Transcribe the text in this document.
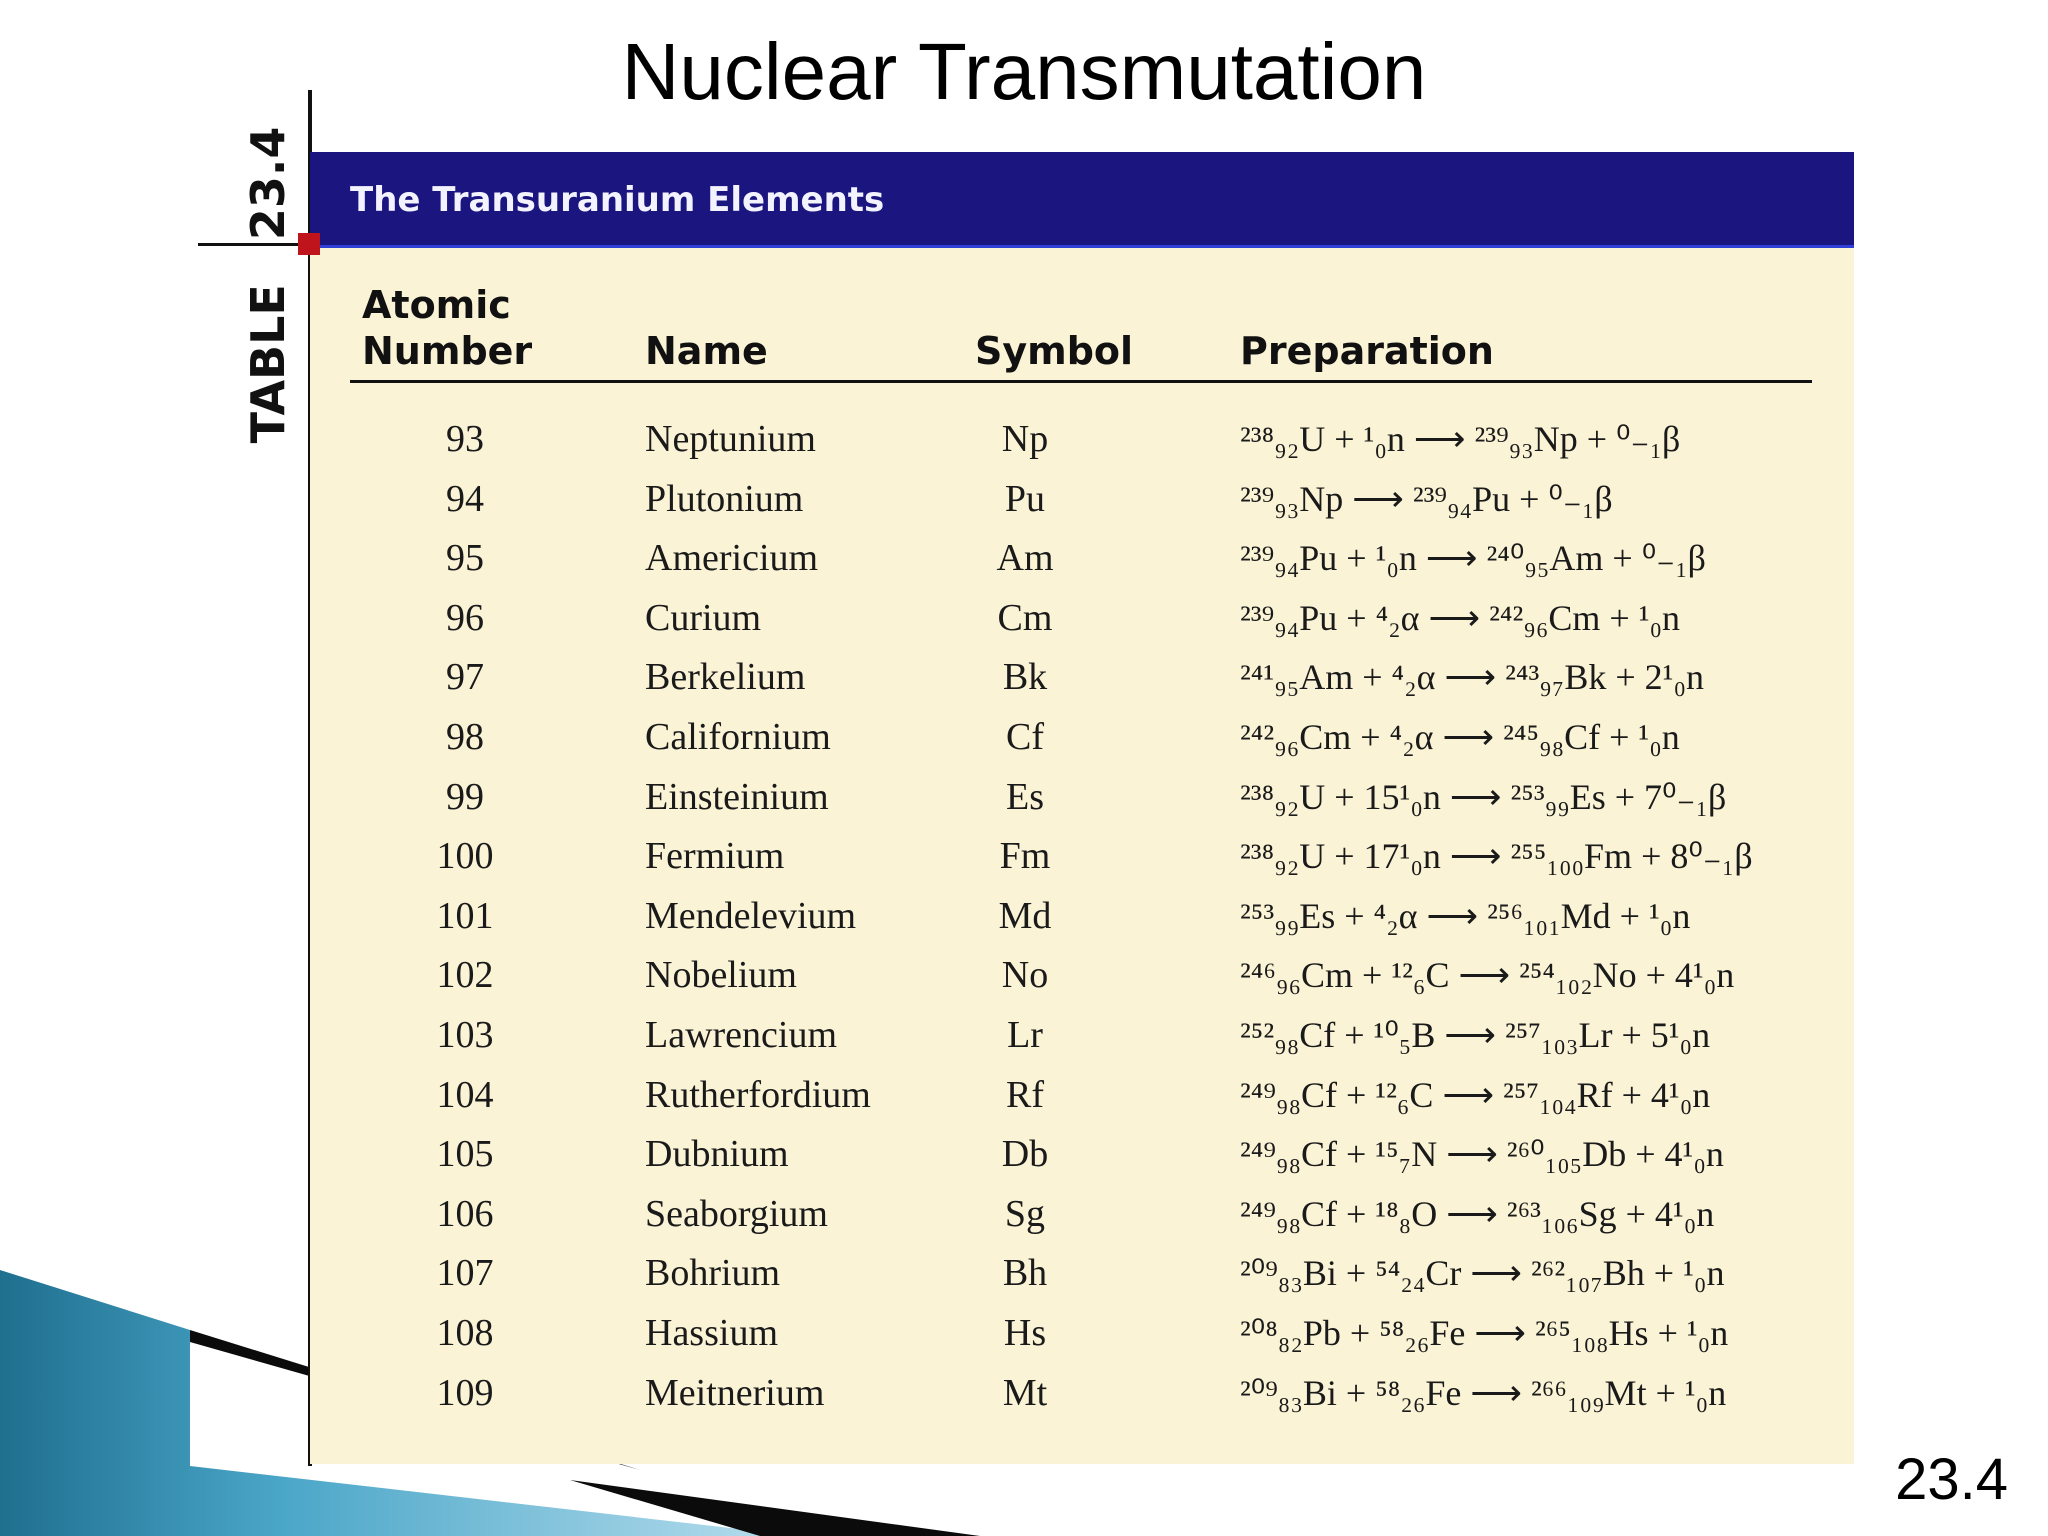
Nuclear Transmutation
TABLE23.4 The Transuranium Elements
Atomic
Number	Name	Symbol	Preparation
93	Neptunium	Np	²³⁸₉₂U + ¹₀n ⟶ ²³⁹₉₃Np + ⁰₋₁β
94	Plutonium	Pu	²³⁹₉₃Np ⟶ ²³⁹₉₄Pu + ⁰₋₁β
95	Americium	Am	²³⁹₉₄Pu + ¹₀n ⟶ ²⁴⁰₉₅Am + ⁰₋₁β
96	Curium	Cm	²³⁹₉₄Pu + ⁴₂α ⟶ ²⁴²₉₆Cm + ¹₀n
97	Berkelium	Bk	²⁴¹₉₅Am + ⁴₂α ⟶ ²⁴³₉₇Bk + 2¹₀n
98	Californium	Cf	²⁴²₉₆Cm + ⁴₂α ⟶ ²⁴⁵₉₈Cf + ¹₀n
99	Einsteinium	Es	²³⁸₉₂U + 15¹₀n ⟶ ²⁵³₉₉Es + 7⁰₋₁β
100	Fermium	Fm	²³⁸₉₂U + 17¹₀n ⟶ ²⁵⁵₁₀₀Fm + 8⁰₋₁β
101	Mendelevium	Md	²⁵³₉₉Es + ⁴₂α ⟶ ²⁵⁶₁₀₁Md + ¹₀n
102	Nobelium	No	²⁴⁶₉₆Cm + ¹²₆C ⟶ ²⁵⁴₁₀₂No + 4¹₀n
103	Lawrencium	Lr	²⁵²₉₈Cf + ¹⁰₅B ⟶ ²⁵⁷₁₀₃Lr + 5¹₀n
104	Rutherfordium	Rf	²⁴⁹₉₈Cf + ¹²₆C ⟶ ²⁵⁷₁₀₄Rf + 4¹₀n
105	Dubnium	Db	²⁴⁹₉₈Cf + ¹⁵₇N ⟶ ²⁶⁰₁₀₅Db + 4¹₀n
106	Seaborgium	Sg	²⁴⁹₉₈Cf + ¹⁸₈O ⟶ ²⁶³₁₀₆Sg + 4¹₀n
107	Bohrium	Bh	²⁰⁹₈₃Bi + ⁵⁴₂₄Cr ⟶ ²⁶²₁₀₇Bh + ¹₀n
108	Hassium	Hs	²⁰⁸₈₂Pb + ⁵⁸₂₆Fe ⟶ ²⁶⁵₁₀₈Hs + ¹₀n
109	Meitnerium	Mt	²⁰⁹₈₃Bi + ⁵⁸₂₆Fe ⟶ ²⁶⁶₁₀₉Mt + ¹₀n
23.4
